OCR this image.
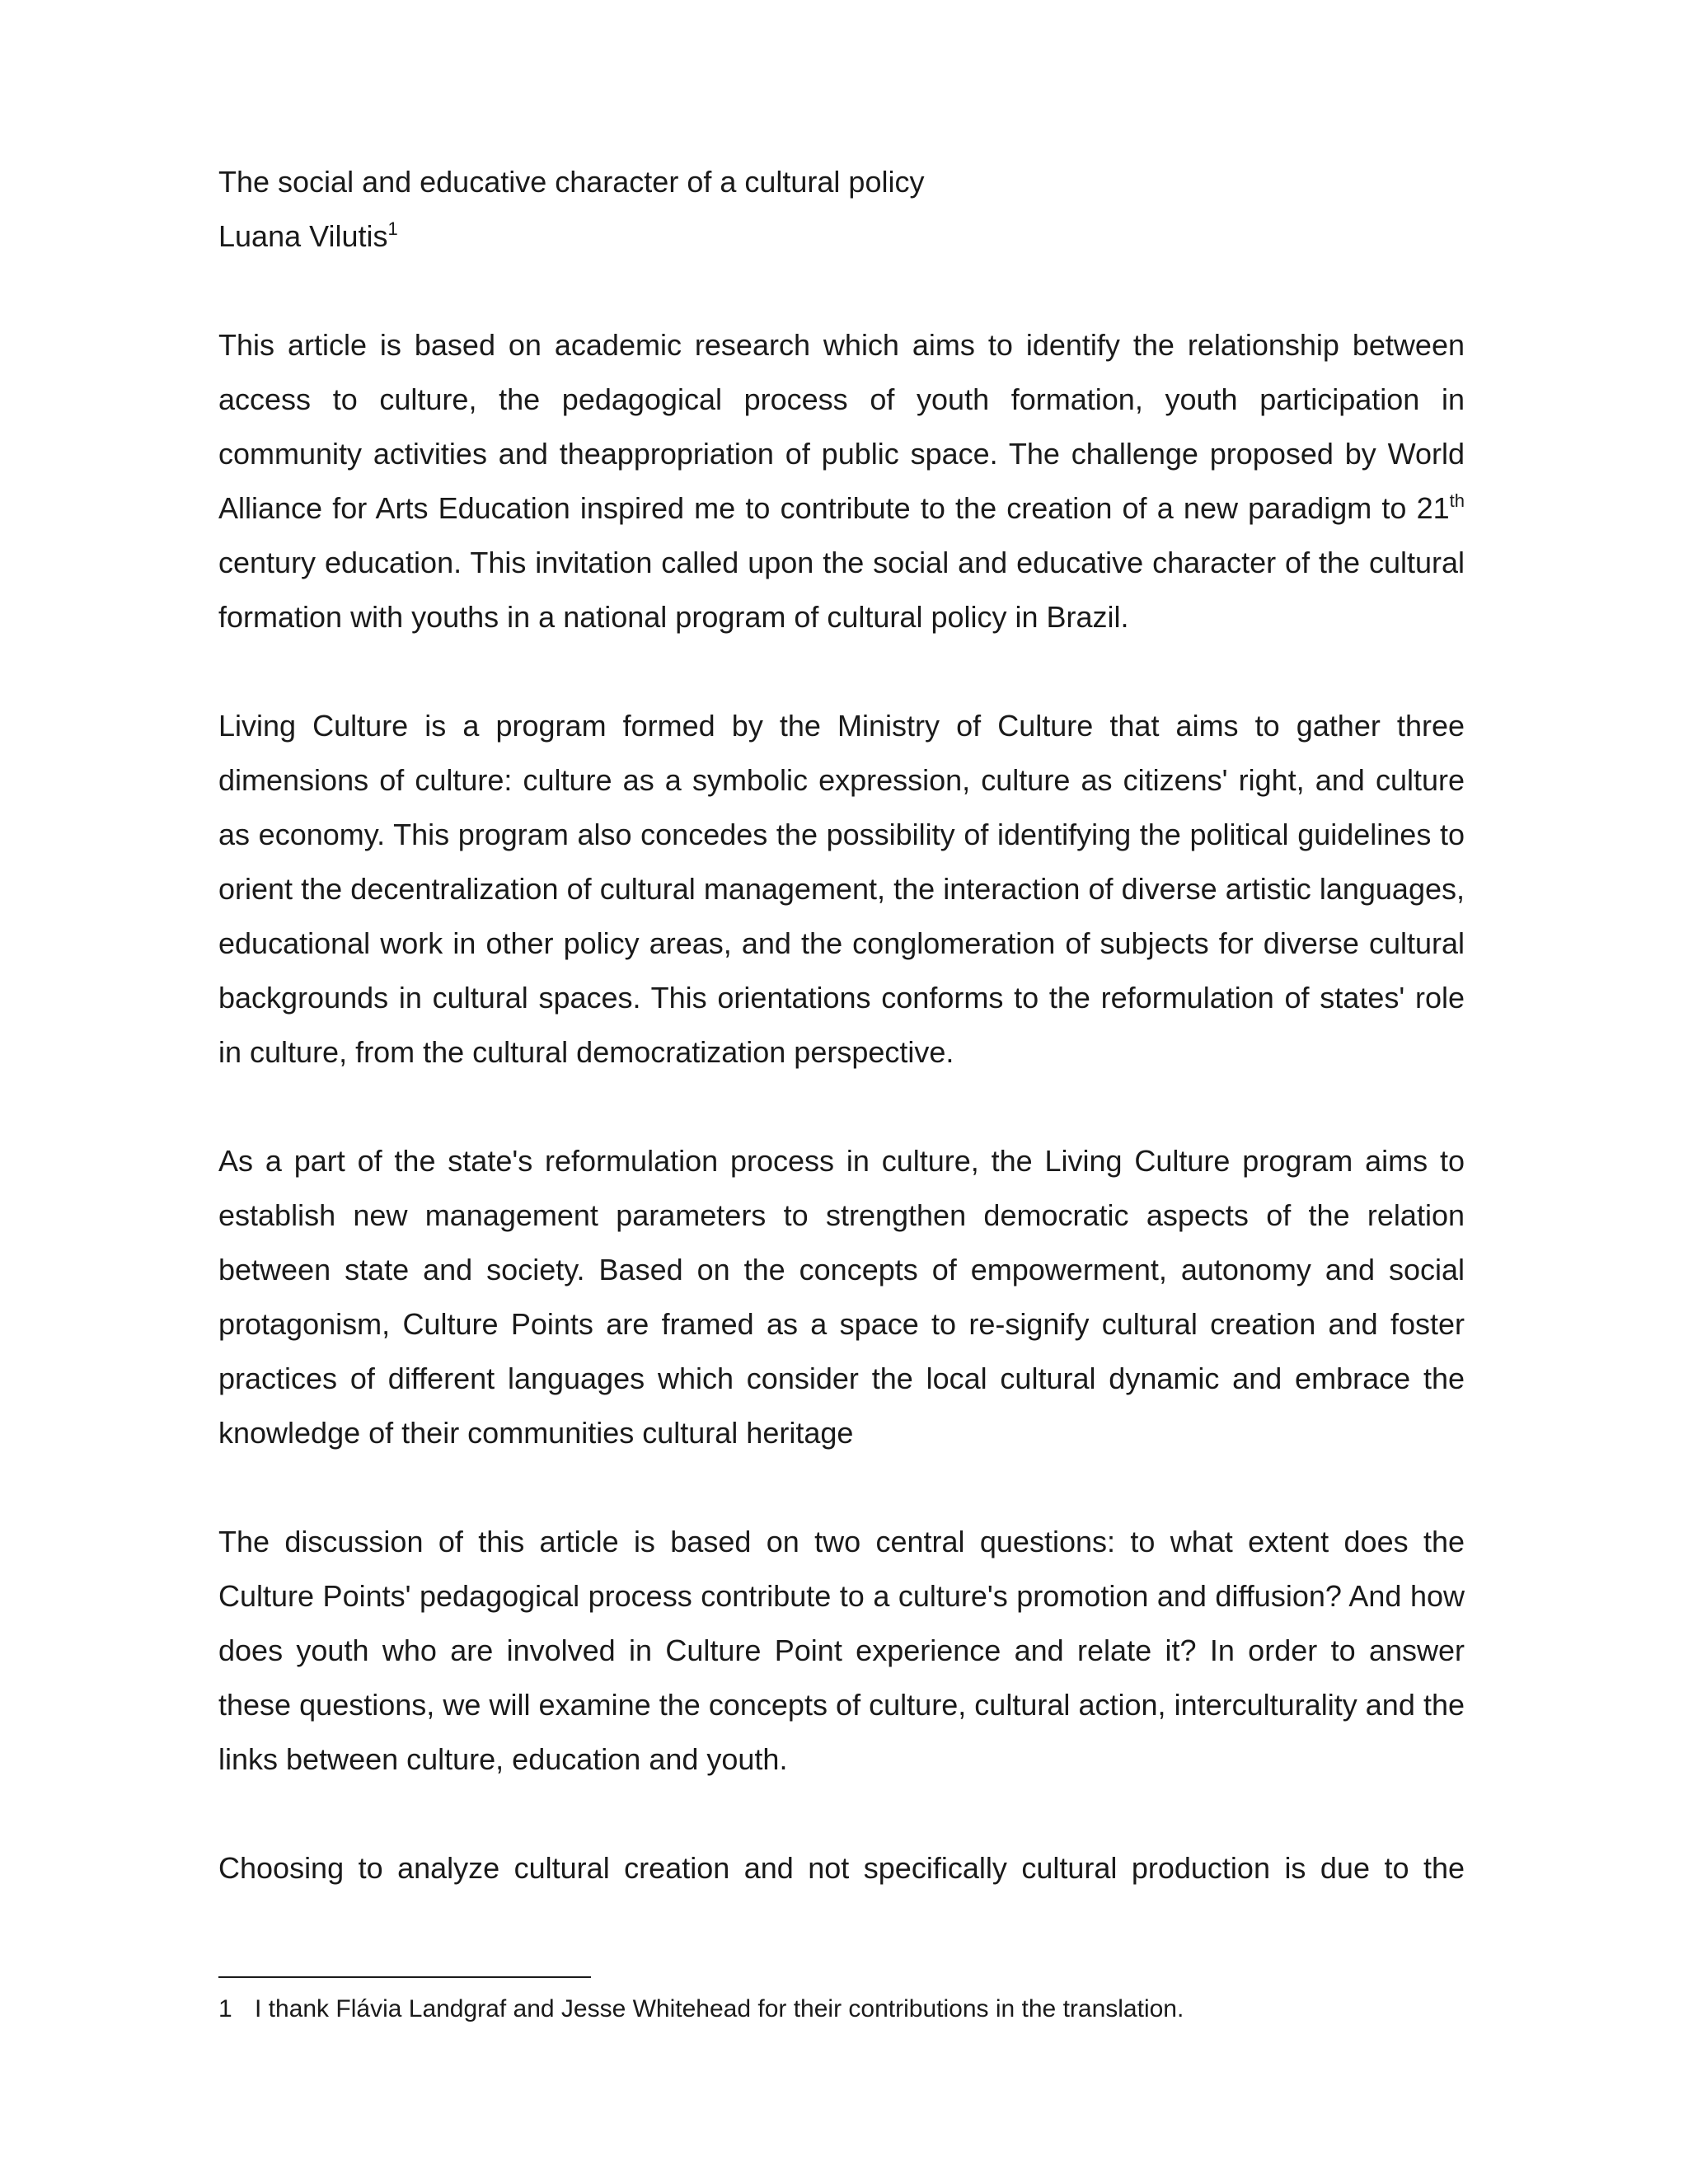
The social and educative character of a cultural policy

Luana Vilutis$^1$

This article is based on academic research which aims to identify the relationship between access to culture, the pedagogical process of youth formation, youth participation in community activities and theappropriation of public space. The challenge proposed by World Alliance for Arts Education inspired me to contribute to the creation of a new paradigm to 21th century education. This invitation called upon the social and educative character of the cultural formation with youths in a national program of cultural policy in Brazil.

Living Culture is a program formed by the Ministry of Culture that aims to gather three dimensions of culture: culture as a symbolic expression, culture as citizens' right, and culture as economy. This program also concedes the possibility of identifying the political guidelines to orient the decentralization of cultural management, the interaction of diverse artistic languages, educational work in other policy areas, and the conglomeration of subjects for diverse cultural backgrounds in cultural spaces. This orientations conforms to the reformulation of states' role in culture, from the cultural democratization perspective.

As a part of the state's reformulation process in culture, the Living Culture program aims to establish new management parameters to strengthen democratic aspects of the relation between state and society. Based on the concepts of empowerment, autonomy and social protagonism, Culture Points are framed as a space to re-signify cultural creation and foster practices of different languages which consider the local cultural dynamic and embrace the knowledge of their communities cultural heritage

The discussion of this article is based on two central questions: to what extent does the Culture Points' pedagogical process contribute to a culture's promotion and diffusion? And how does youth who are involved in Culture Point experience and relate it? In order to answer these questions, we will examine the concepts of culture, cultural action, interculturality and the links between culture, education and youth.

Choosing to analyze cultural creation and not specifically cultural production is due to the

1 I thank Flávia Landgraf and Jesse Whitehead for their contributions in the translation.
